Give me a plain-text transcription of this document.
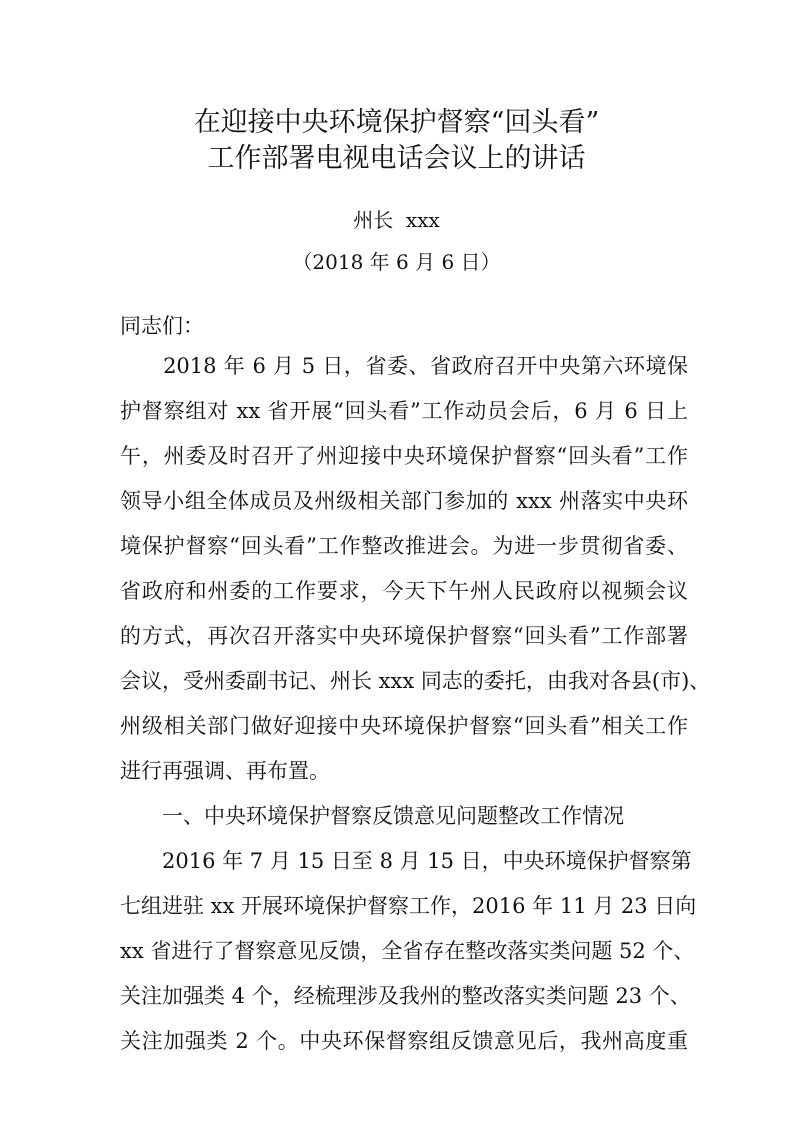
在迎接中央环境保护督察“回头看”
工作部署电视电话会议上的讲话
州长  xxx
（2018 年 6 月 6 日）
同志们：
　　2018 年 6 月 5 日，省委、省政府召开中央第六环境保
护督察组对 xx 省开展“回头看”工作动员会后，6 月 6 日上
午，州委及时召开了州迎接中央环境保护督察“回头看”工作
领导小组全体成员及州级相关部门参加的 xxx 州落实中央环
境保护督察“回头看”工作整改推进会。为进一步贯彻省委、
省政府和州委的工作要求，今天下午州人民政府以视频会议
的方式，再次召开落实中央环境保护督察“回头看”工作部署
会议，受州委副书记、州长 xxx 同志的委托，由我对各县(市)、
州级相关部门做好迎接中央环境保护督察“回头看”相关工作
进行再强调、再布置。
　　一、中央环境保护督察反馈意见问题整改工作情况
　　2016 年 7 月 15 日至 8 月 15 日，中央环境保护督察第
七组进驻 xx 开展环境保护督察工作，2016 年 11 月 23 日向
xx 省进行了督察意见反馈，全省存在整改落实类问题 52 个、
关注加强类 4 个，经梳理涉及我州的整改落实类问题 23 个、
关注加强类 2 个。中央环保督察组反馈意见后，我州高度重
